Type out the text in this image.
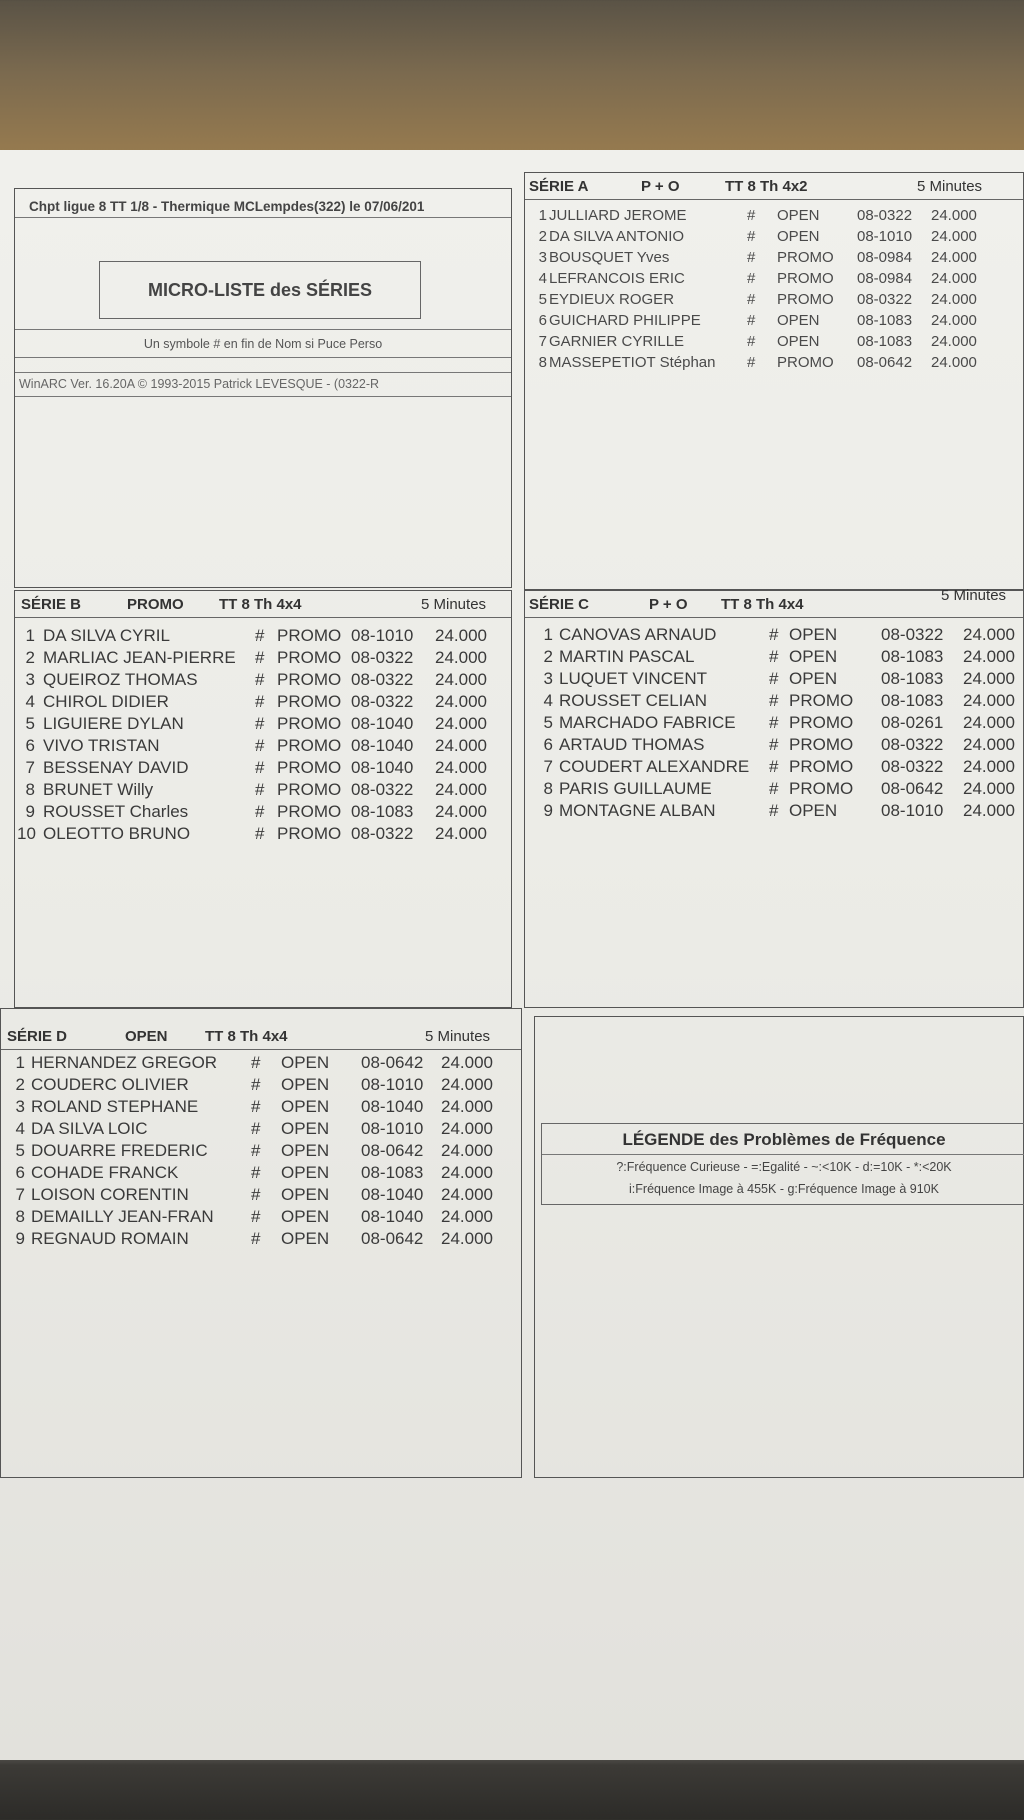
Chpt ligue 8 TT 1/8 - Thermique MCLempdes(322) le 07/06/201
MICRO-LISTE des SÉRIES
Un symbole # en fin de Nom si Puce Perso
WinARC Ver. 16.20A © 1993-2015 Patrick LEVESQUE - (0322-R
SÉRIE A	P + O	TT 8 Th 4x2	5 Minutes
1 JULLIARD JEROME	# OPEN 08-0322 24.000
2 DA SILVA ANTONIO	# OPEN 08-1010 24.000
3 BOUSQUET Yves	# PROMO 08-0984 24.000
4 LEFRANCOIS ERIC	# PROMO 08-0984 24.000
5 EYDIEUX ROGER	# PROMO 08-0322 24.000
6 GUICHARD PHILIPPE	# OPEN 08-1083 24.000
7 GARNIER CYRILLE	# OPEN 08-1083 24.000
8 MASSEPETIOT Stéphan # PROMO 08-0642 24.000
SÉRIE B	PROMO TT 8 Th 4x4	5 Minutes
1 DA SILVA CYRIL	# PROMO 08-1010 24.000
2 MARLIAC JEAN-PIERRE # PROMO 08-0322 24.000
3 QUEIROZ THOMAS	# PROMO 08-0322 24.000
4 CHIROL DIDIER	# PROMO 08-0322 24.000
5 LIGUIERE DYLAN	# PROMO 08-1040 24.000
6 VIVO TRISTAN	# PROMO 08-1040 24.000
7 BESSENAY DAVID	# PROMO 08-1040 24.000
8 BRUNET Willy	# PROMO 08-0322 24.000
9 ROUSSET Charles	# PROMO 08-1083 24.000
10 OLEOTTO BRUNO	# PROMO 08-0322 24.000
SÉRIE C	P + O TT 8 Th 4x4
5 Minutes
1 CANOVAS ARNAUD	# OPEN	08-0322 24.000
2 MARTIN PASCAL	# OPEN	08-1083 24.000
3 LUQUET VINCENT	# OPEN	08-1083 24.000
4 ROUSSET CELIAN	# PROMO 08-1083 24.000
5 MARCHADO FABRICE # PROMO 08-0261 24.000
6 ARTAUD THOMAS	# PROMO 08-0322 24.000
7 COUDERT ALEXANDRE # PROMO 08-0322 24.000
8 PARIS GUILLAUME	# PROMO 08-0642 24.000
9 MONTAGNE ALBAN	# OPEN	08-1010 24.000
SÉRIE D	OPEN TT 8 Th 4x4	5 Minutes
1 HERNANDEZ GREGOR # OPEN 08-0642 24.000
2 COUDERC OLIVIER	# OPEN 08-1010 24.000
3 ROLAND STEPHANE	# OPEN 08-1040 24.000
4 DA SILVA LOIC	# OPEN 08-1010 24.000
5 DOUARRE FREDERIC	# OPEN 08-0642 24.000
6 COHADE FRANCK	# OPEN 08-1083 24.000
7 LOISON CORENTIN	# OPEN 08-1040 24.000
8 DEMAILLY JEAN-FRAN # OPEN 08-1040 24.000
9 REGNAUD ROMAIN	# OPEN 08-0642 24.000
LÉGENDE des Problèmes de Fréquence
?:Fréquence Curieuse - =:Egalité - ~:<10K - d:=10K - *:<20K
i:Fréquence Image à 455K - g:Fréquence Image à 910K
